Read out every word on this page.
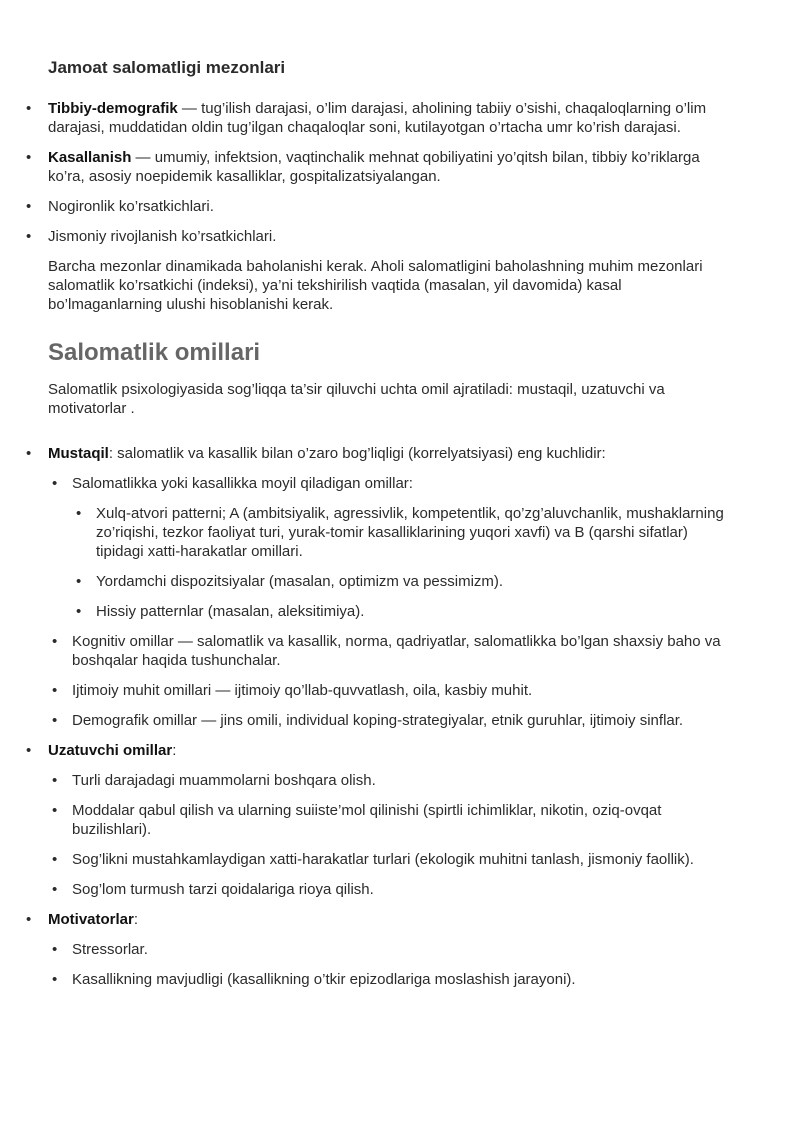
Jamoat salomatligi mezonlari
• Tibbiy-demografik — tug’ilish darajasi, o’lim darajasi, aholining tabiiy o’sishi, chaqaloqlarning o’lim darajasi, muddatidan oldin tug’ilgan chaqaloqlar soni, kutilayotgan o’rtacha umr ko’rish darajasi.
• Kasallanish — umumiy, infektsion, vaqtinchalik mehnat qobiliyatini yo’qitsh bilan, tibbiy ko’riklarga ko’ra, asosiy noepidemik kasalliklar, gospitalizatsiyalangan.
• Nogironlik ko’rsatkichlari.
• Jismoniy rivojlanish ko’rsatkichlari.

Barcha mezonlar dinamikada baholanishi kerak. Aholi salomatligini baholashning muhim mezonlari salomatlik ko’rsatkichi (indeksi), ya’ni tekshirilish vaqtida (masalan, yil davomida) kasal bo’lmaganlarning ulushi hisoblanishi kerak.

Salomatlik omillari

Salomatlik psixologiyasida sog’liqqa ta’sir qiluvchi uchta omil ajratiladi: mustaqil, uzatuvchi va motivatorlar .

• Mustaqil: salomatlik va kasallik bilan o’zaro bog’liqligi (korrelyatsiyasi) eng kuchlidir:
• Salomatlikka yoki kasallikka moyil qiladigan omillar:
• Xulq-atvori patterni; A (ambitsiyalik, agressivlik, kompetentlik, qo’zg’aluvchanlik, mushaklarning zo’riqishi, tezkor faoliyat turi, yurak-tomir kasalliklarining yuqori xavfi) va B (qarshi sifatlar) tipidagi xatti-harakatlar omillari.
• Yordamchi dispozitsiyalar (masalan, optimizm va pessimizm).
• Hissiy patternlar (masalan, aleksitimiya).
• Kognitiv omillar — salomatlik va kasallik, norma, qadriyatlar, salomatlikka bo’lgan shaxsiy baho va boshqalar haqida tushunchalar.
• Ijtimoiy muhit omillari — ijtimoiy qo’llab-quvvatlash, oila, kasbiy muhit.
• Demografik omillar — jins omili, individual koping-strategiyalar, etnik guruhlar, ijtimoiy sinflar.
• Uzatuvchi omillar:
• Turli darajadagi muammolarni boshqara olish.
• Moddalar qabul qilish va ularning suiiste’mol qilinishi (spirtli ichimliklar, nikotin, oziq-ovqat buzilishlari).
• Sog’likni mustahkamlaydigan xatti-harakatlar turlari (ekologik muhitni tanlash, jismoniy faollik).
• Sog’lom turmush tarzi qoidalariga rioya qilish.
• Motivatorlar:
• Stressorlar.
• Kasallikning mavjudligi (kasallikning o’tkir epizodlariga moslashish jarayoni).
